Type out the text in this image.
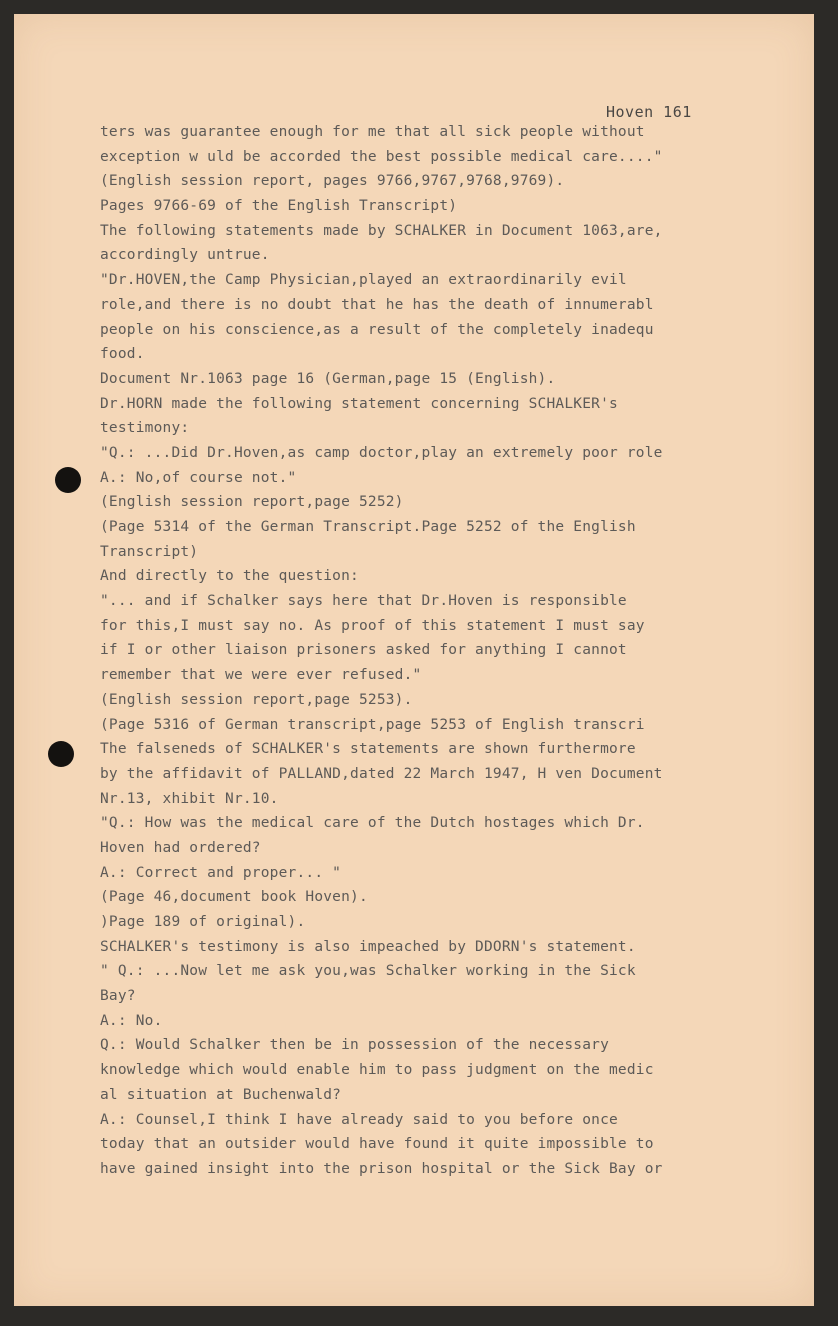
Hoven 161
ters was guarantee enough for me that all sick people without
exception w uld be accorded the best possible medical care...."
(English session report, pages 9766,9767,9768,9769).
Pages 9766-69 of the English Transcript)
The following statements made by SCHALKER in Document 1063,are,
accordingly untrue.
"Dr.HOVEN,the Camp Physician,played an extraordinarily evil
role,and there is no doubt that he has the death of innumerabl
people on his conscience,as a result of the completely inadequ
food.
Document Nr.1063 page 16 (German,page 15 (English).
Dr.HORN made the following statement concerning SCHALKER's
testimony:
"Q.: ...Did Dr.Hoven,as camp doctor,play an extremely poor role
A.: No,of course not."
(English session report,page 5252)
(Page 5314 of the German Transcript.Page 5252 of the English
Transcript)
And directly to the question:
"... and if Schalker says here that Dr.Hoven is responsible
for this,I must say no. As proof of this statement I must say
if I or other liaison prisoners asked for anything I cannot
remember that we were ever refused."
(English session report,page 5253).
(Page 5316 of German transcript,page 5253 of English transcri
The falseneds of SCHALKER's statements are shown furthermore
by the affidavit of PALLAND,dated 22 March 1947, H ven Document
Nr.13, xhibit Nr.10.
"Q.: How was the medical care of the Dutch hostages which Dr.
Hoven had ordered?
A.: Correct and proper... "
(Page 46,document book Hoven).
)Page 189 of original).
SCHALKER's testimony is also impeached by DDORN's statement.
" Q.: ...Now let me ask you,was Schalker working in the Sick
Bay?
A.: No.
Q.: Would Schalker then be in possession of the necessary
knowledge which would enable him to pass judgment on the medic
al situation at Buchenwald?
A.: Counsel,I think I have already said to you before once
today that an outsider would have found it quite impossible to
have gained insight into the prison hospital or the Sick Bay or
